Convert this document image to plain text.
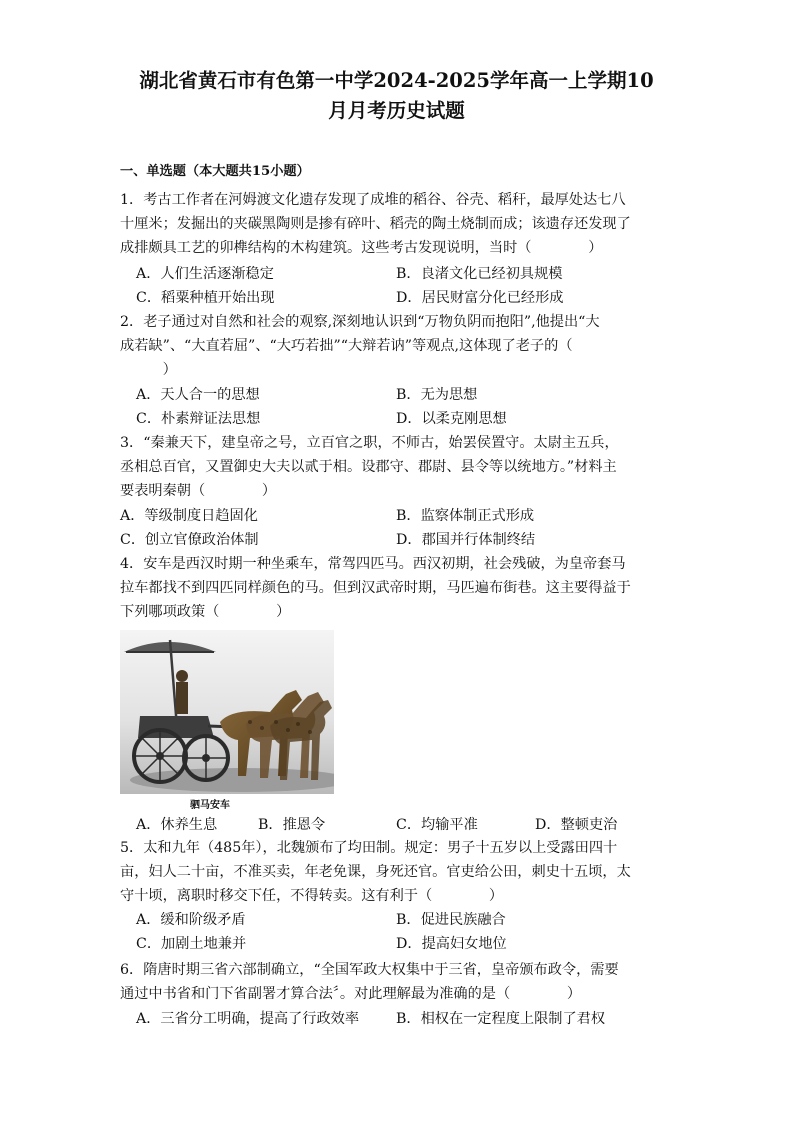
湖北省黄石市有色第一中学2024-2025学年高一上学期10
月月考历史试题
一、单选题（本大题共15小题）
1．考古工作者在河姆渡文化遗存发现了成堆的稻谷、谷壳、稻秆，最厚处达七八
十厘米；发掘出的夹碳黑陶则是掺有碎叶、稻壳的陶土烧制而成；该遗存还发现了
成排颇具工艺的卯榫结构的木构建筑。这些考古发现说明，当时（　　　　）
A．人们生活逐渐稳定	B．良渚文化已经初具规模
C．稻粟种植开始出现	D．居民财富分化已经形成
2．老子通过对自然和社会的观察,深刻地认识到“万物负阴而抱阳”,他提出“大
成若缺”、“大直若屈”、“大巧若拙”“大辩若讷”等观点,这体现了老子的（
　　　）
A．天人合一的思想	B．无为思想
C．朴素辩证法思想	D．以柔克刚思想
3．“秦兼天下，建皇帝之号，立百官之职，不师古，始罢侯置守。太尉主五兵，
丞相总百官，又置御史大夫以贰于相。设郡守、郡尉、县令等以统地方。”材料主
要表明秦朝（　　　　）
A．等级制度日趋固化	B．监察体制正式形成
C．创立官僚政治体制	D．郡国并行体制终结
4．安车是西汉时期一种坐乘车，常驾四匹马。西汉初期，社会残破，为皇帝套马
拉车都找不到四匹同样颜色的马。但到汉武帝时期，马匹遍布街巷。这主要得益于
下列哪项政策（　　　　）
驷马安车
A．休养生息	B．推恩令	C．均输平准	D．整顿吏治
5．太和九年（485年），北魏颁布了均田制。规定：男子十五岁以上受露田四十
亩，妇人二十亩，不准买卖，年老免课，身死还官。官吏给公田，刺史十五顷，太
守十顷，离职时移交下任，不得转卖。这有利于（　　　　）
A．缓和阶级矛盾	B．促进民族融合
C．加剧土地兼并	D．提高妇女地位
6．隋唐时期三省六部制确立，“全国军政大权集中于三省，皇帝颁布政令，需要
通过中书省和门下省副署才算合法〞。对此理解最为准确的是（　　　　）
A．三省分工明确，提高了行政效率	B．相权在一定程度上限制了君权
